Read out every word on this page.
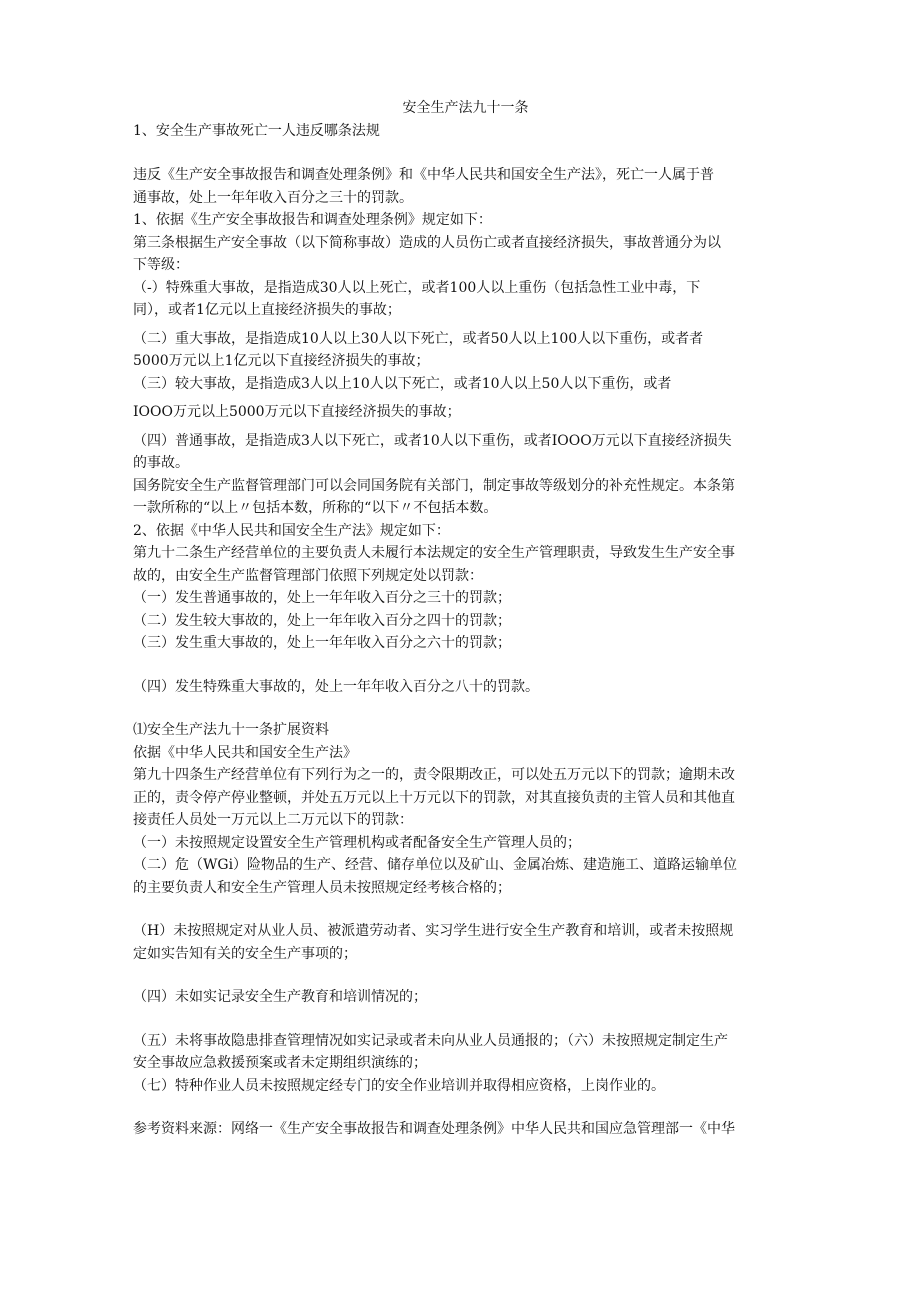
安全生产法九十一条
1、安全生产事故死亡一人违反哪条法规
违反《生产安全事故报告和调查处理条例》和《中华人民共和国安全生产法》，死亡一人属于普
通事故，处上一年年收入百分之三十的罚款。
1、依据《生产安全事故报告和调查处理条例》规定如下：
第三条根据生产安全事故（以下简称事故）造成的人员伤亡或者直接经济损失，事故普通分为以
下等级：
（-）特殊重大事故，是指造成30人以上死亡，或者100人以上重伤（包括急性工业中毒，下
同），或者1亿元以上直接经济损失的事故；
（二）重大事故，是指造成10人以上30人以下死亡，或者50人以上100人以下重伤，或者者
5000万元以上1亿元以下直接经济损失的事故；
（三）较大事故，是指造成3人以上10人以下死亡，或者10人以上50人以下重伤，或者
IOOO万元以上5000万元以下直接经济损失的事故；
（四）普通事故，是指造成3人以下死亡，或者10人以下重伤，或者IOOO万元以下直接经济损失
的事故。
国务院安全生产监督管理部门可以会同国务院有关部门，制定事故等级划分的补充性规定。本条第
一款所称的“以上〃包括本数，所称的“以下〃不包括本数。
2、依据《中华人民共和国安全生产法》规定如下：
第九十二条生产经营单位的主要负责人未履行本法规定的安全生产管理职责，导致发生生产安全事
故的，由安全生产监督管理部门依照下列规定处以罚款：
（一）发生普通事故的，处上一年年收入百分之三十的罚款；
（二）发生较大事故的，处上一年年收入百分之四十的罚款；
（三）发生重大事故的，处上一年年收入百分之六十的罚款；
（四）发生特殊重大事故的，处上一年年收入百分之八十的罚款。
⑴安全生产法九十一条扩展资料
依据《中华人民共和国安全生产法》
第九十四条生产经营单位有下列行为之一的，责令限期改正，可以处五万元以下的罚款；逾期未改
正的，责令停产停业整顿，并处五万元以上十万元以下的罚款，对其直接负责的主管人员和其他直
接责任人员处一万元以上二万元以下的罚款：
（一）未按照规定设置安全生产管理机构或者配备安全生产管理人员的；
（二）危（WGi）险物品的生产、经营、储存单位以及矿山、金属冶炼、建造施工、道路运输单位
的主要负责人和安全生产管理人员未按照规定经考核合格的；
（H）未按照规定对从业人员、被派遣劳动者、实习学生进行安全生产教育和培训，或者未按照规
定如实告知有关的安全生产事项的；
（四）未如实记录安全生产教育和培训情况的；
（五）未将事故隐患排查管理情况如实记录或者未向从业人员通报的；（六）未按照规定制定生产
安全事故应急救援预案或者未定期组织演练的；
（七）特种作业人员未按照规定经专门的安全作业培训并取得相应资格，上岗作业的。
参考资料来源：网络一《生产安全事故报告和调查处理条例》中华人民共和国应急管理部一《中华
